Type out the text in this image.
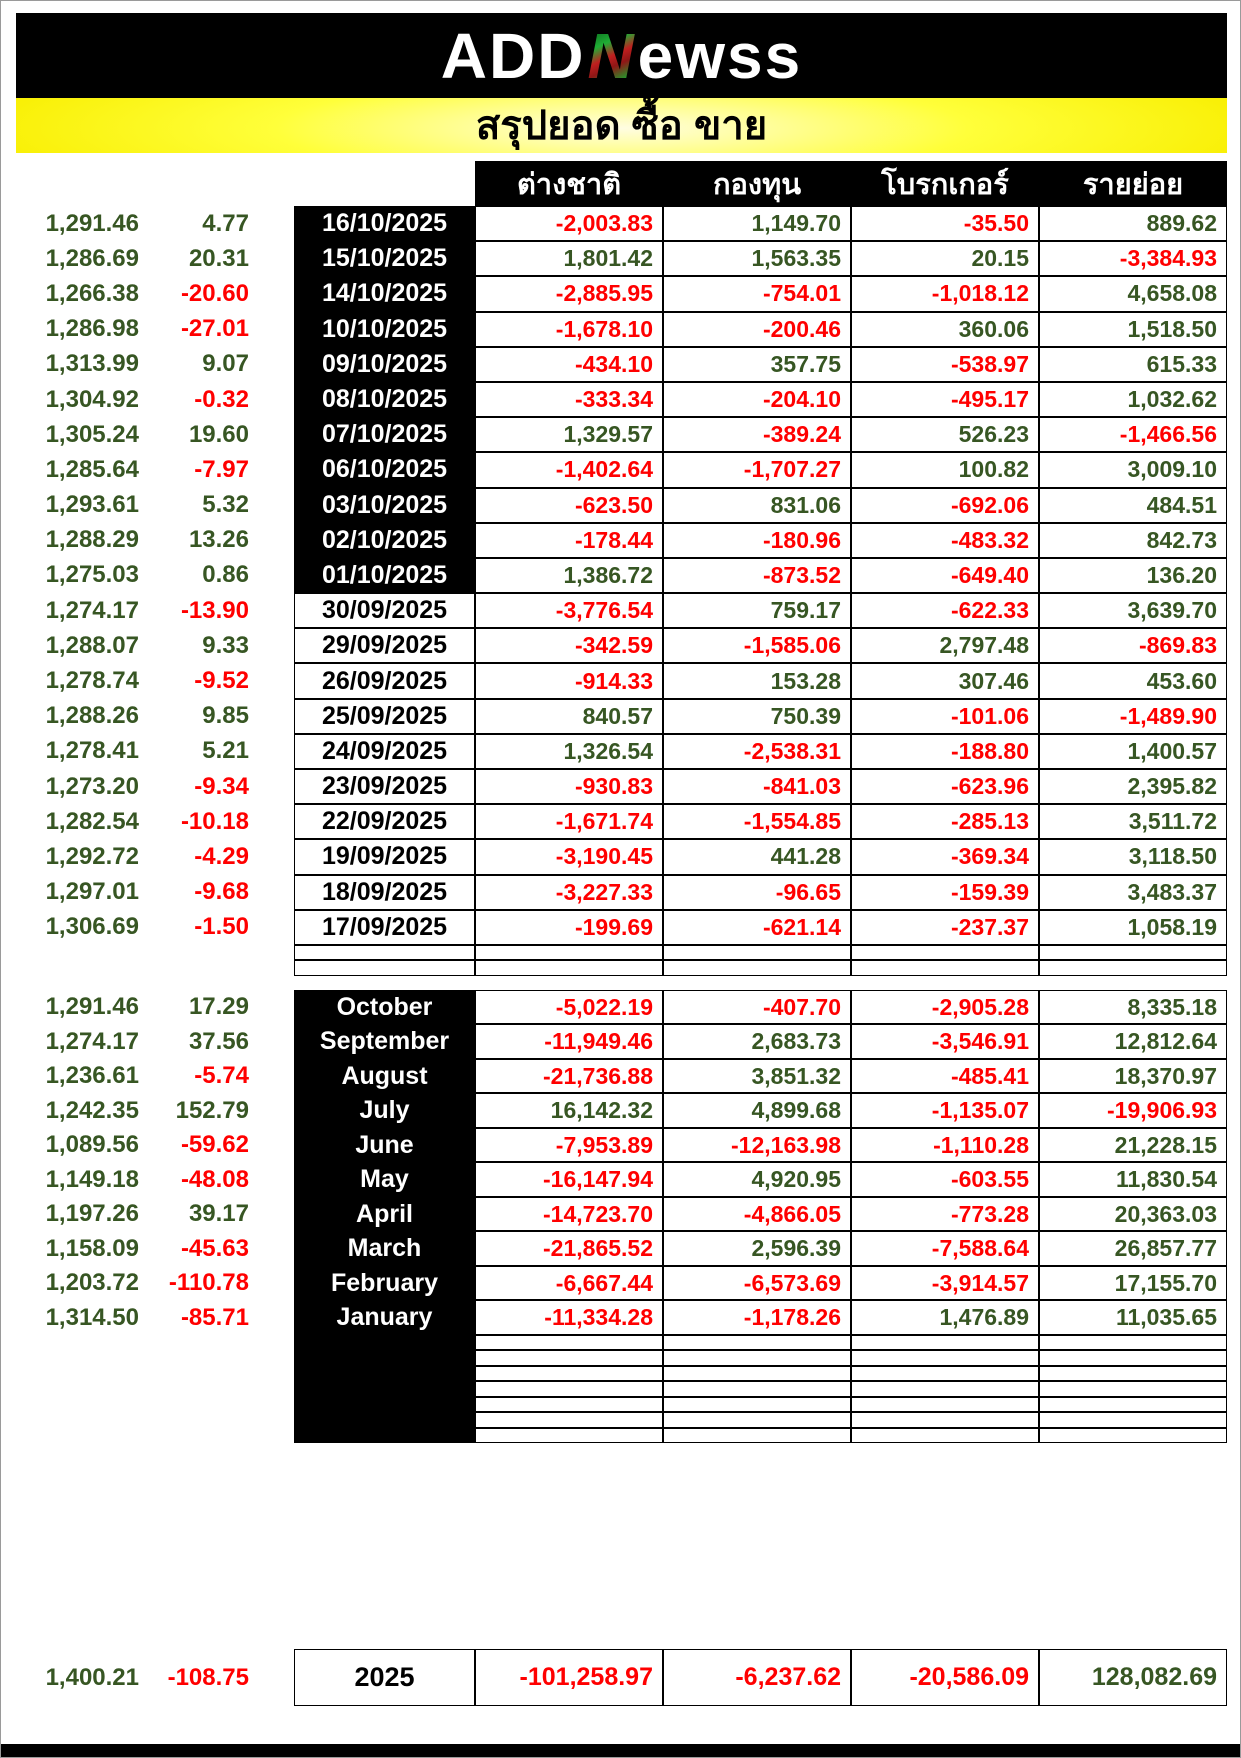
ADDNewss
สรุปยอด ซื้อ ขาย
ต่างชาติ	กองทุน	โบรกเกอร์	รายย่อย
1,291.46	4.77	16/10/2025	-2,003.83	1,149.70	-35.50	889.62
1,286.69	20.31	15/10/2025	1,801.42	1,563.35	20.15	-3,384.93
1,266.38	-20.60	14/10/2025	-2,885.95	-754.01	-1,018.12	4,658.08
1,286.98	-27.01	10/10/2025	-1,678.10	-200.46	360.06	1,518.50
1,313.99	9.07	09/10/2025	-434.10	357.75	-538.97	615.33
1,304.92	-0.32	08/10/2025	-333.34	-204.10	-495.17	1,032.62
1,305.24	19.60	07/10/2025	1,329.57	-389.24	526.23	-1,466.56
1,285.64	-7.97	06/10/2025	-1,402.64	-1,707.27	100.82	3,009.10
1,293.61	5.32	03/10/2025	-623.50	831.06	-692.06	484.51
1,288.29	13.26	02/10/2025	-178.44	-180.96	-483.32	842.73
1,275.03	0.86	01/10/2025	1,386.72	-873.52	-649.40	136.20
1,274.17	-13.90	30/09/2025	-3,776.54	759.17	-622.33	3,639.70
1,288.07	9.33	29/09/2025	-342.59	-1,585.06	2,797.48	-869.83
1,278.74	-9.52	26/09/2025	-914.33	153.28	307.46	453.60
1,288.26	9.85	25/09/2025	840.57	750.39	-101.06	-1,489.90
1,278.41	5.21	24/09/2025	1,326.54	-2,538.31	-188.80	1,400.57
1,273.20	-9.34	23/09/2025	-930.83	-841.03	-623.96	2,395.82
1,282.54	-10.18	22/09/2025	-1,671.74	-1,554.85	-285.13	3,511.72
1,292.72	-4.29	19/09/2025	-3,190.45	441.28	-369.34	3,118.50
1,297.01	-9.68	18/09/2025	-3,227.33	-96.65	-159.39	3,483.37
1,306.69	-1.50	17/09/2025	-199.69	-621.14	-237.37	1,058.19
1,291.46	17.29	October	-5,022.19	-407.70	-2,905.28	8,335.18
1,274.17	37.56	September	-11,949.46	2,683.73	-3,546.91	12,812.64
1,236.61	-5.74	August	-21,736.88	3,851.32	-485.41	18,370.97
1,242.35	152.79	July	16,142.32	4,899.68	-1,135.07	-19,906.93
1,089.56	-59.62	June	-7,953.89	-12,163.98	-1,110.28	21,228.15
1,149.18	-48.08	May	-16,147.94	4,920.95	-603.55	11,830.54
1,197.26	39.17	April	-14,723.70	-4,866.05	-773.28	20,363.03
1,158.09	-45.63	March	-21,865.52	2,596.39	-7,588.64	26,857.77
1,203.72	-110.78	February	-6,667.44	-6,573.69	-3,914.57	17,155.70
1,314.50	-85.71	January	-11,334.28	-1,178.26	1,476.89	11,035.65
1,400.21	-108.75	2025	-101,258.97	-6,237.62	-20,586.09	128,082.69
